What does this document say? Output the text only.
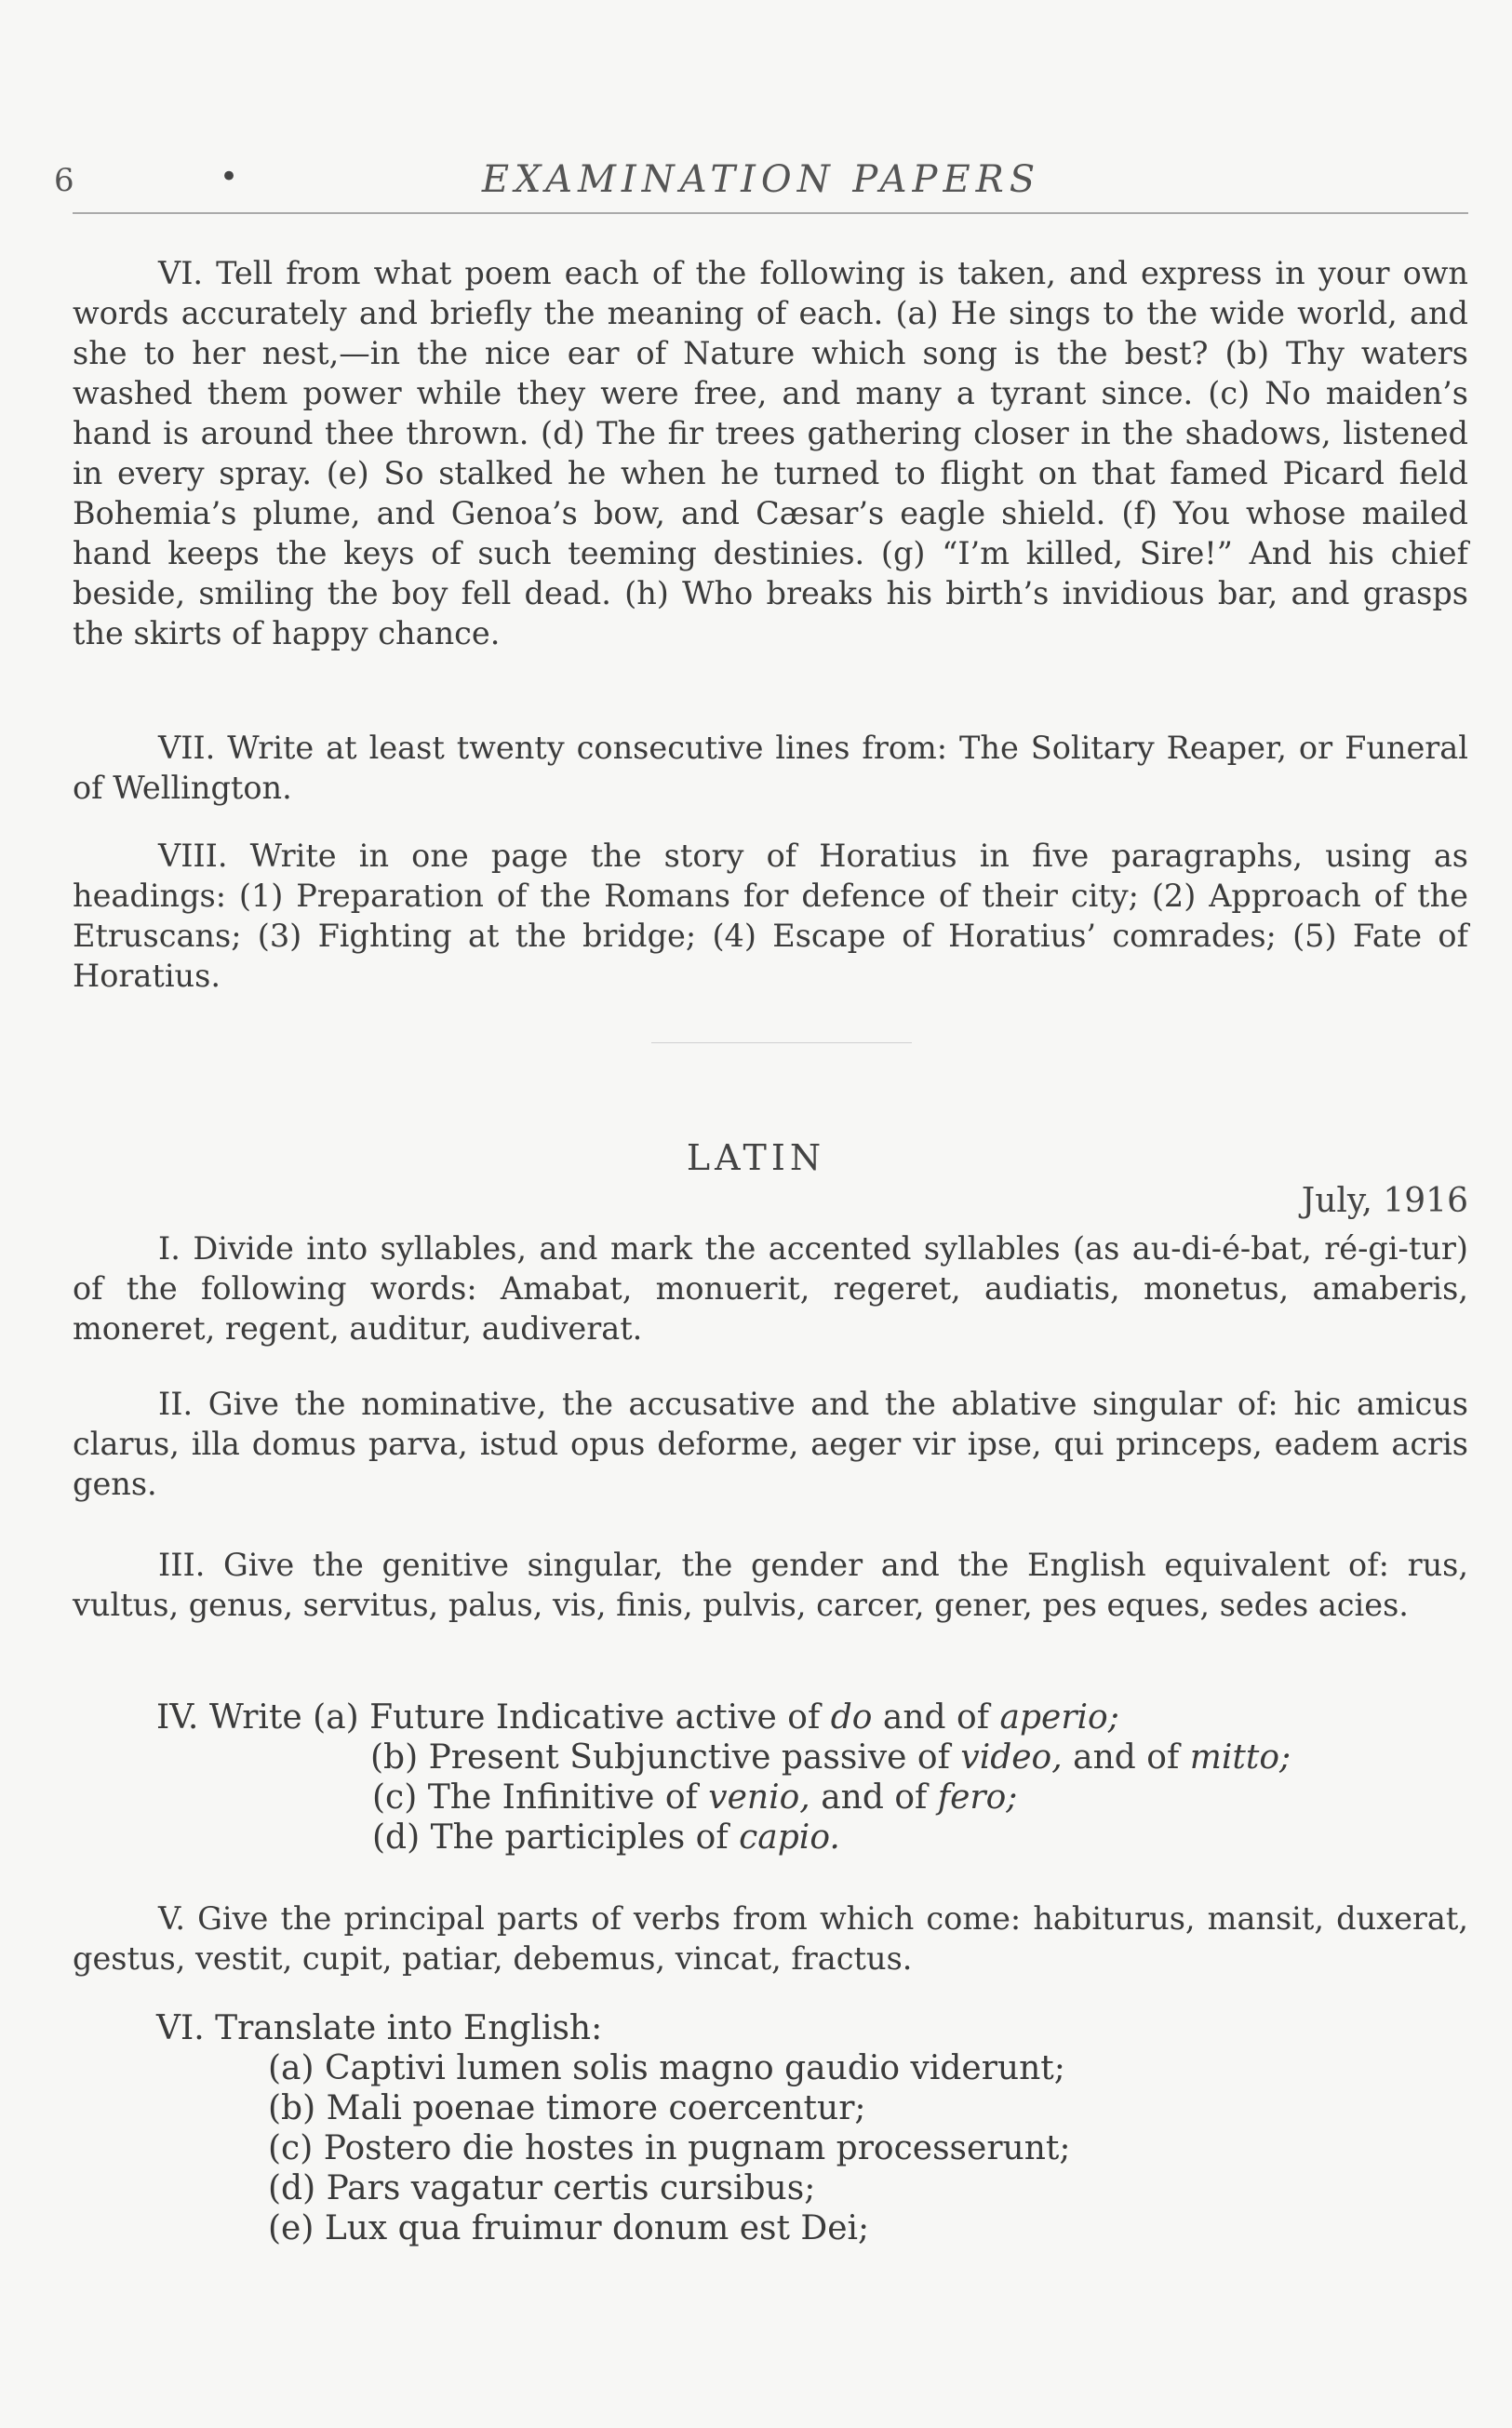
6	•	EXAMINATION PAPERS

VI. Tell from what poem each of the following is taken, and express in your own words accurately and briefly the meaning of each. (a) He sings to the wide world, and she to her nest,—in the nice ear of Nature which song is the best? (b) Thy waters washed them power while they were free, and many a tyrant since. (c) No maiden’s hand is around thee thrown. (d) The fir trees gathering closer in the shadows, listened in every spray. (e) So stalked he when he turned to flight on that famed Picard field Bohemia’s plume, and Genoa’s bow, and Cæsar’s eagle shield. (f) You whose mailed hand keeps the keys of such teeming destinies. (g) “I’m killed, Sire!” And his chief beside, smiling the boy fell dead. (h) Who breaks his birth’s invidious bar, and grasps the skirts of happy chance.

VII. Write at least twenty consecutive lines from: The Solitary Reaper, or Funeral of Wellington.

VIII. Write in one page the story of Horatius in five paragraphs, using as headings: (1) Preparation of the Romans for defence of their city; (2) Approach of the Etruscans; (3) Fighting at the bridge; (4) Escape of Horatius’ comrades; (5) Fate of Horatius.

LATIN
July, 1916

I. Divide into syllables, and mark the accented syllables (as au-di-é-bat, ré-gi-tur) of the following words: Amabat, monuerit, regeret, audiatis, monetus, amaberis, moneret, regent, auditur, audiverat.

II. Give the nominative, the accusative and the ablative singular of: hic amicus clarus, illa domus parva, istud opus deforme, aeger vir ipse, qui princeps, eadem acris gens.

III. Give the genitive singular, the gender and the English equivalent of: rus, vultus, genus, servitus, palus, vis, finis, pulvis, carcer, gener, pes eques, sedes acies.

IV. Write (a) Future Indicative active of do and of aperio;
(b) Present Subjunctive passive of video, and of mitto;
(c) The Infinitive of venio, and of fero;
(d) The participles of capio.

V. Give the principal parts of verbs from which come: habiturus, mansit, duxerat, gestus, vestit, cupit, patiar, debemus, vincat, fractus.

VI. Translate into English:
(a) Captivi lumen solis magno gaudio viderunt;
(b) Mali poenae timore coercentur;
(c) Postero die hostes in pugnam processerunt;
(d) Pars vagatur certis cursibus;
(e) Lux qua fruimur donum est Dei;
